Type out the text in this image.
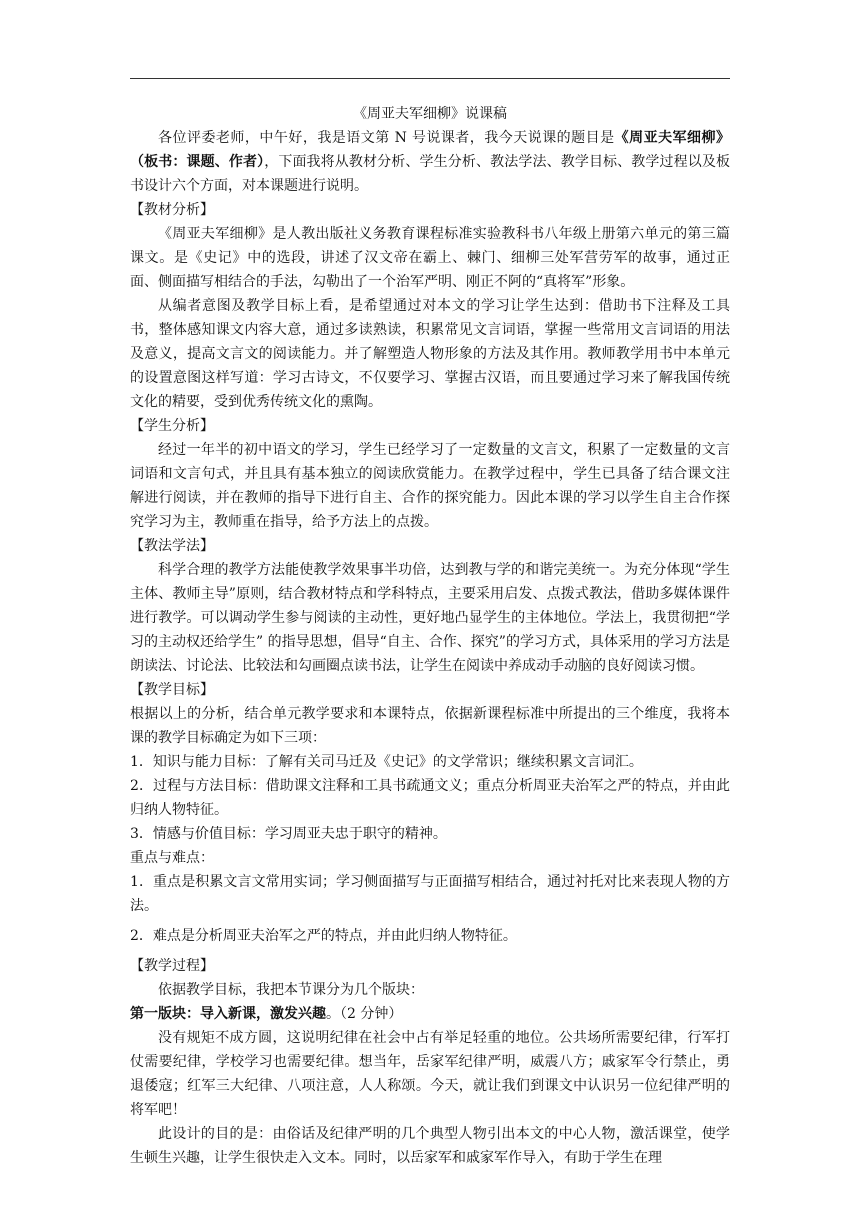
《周亚夫军细柳》说课稿

各位评委老师，中午好，我是语文第 N 号说课者，我今天说课的题目是《周亚夫军细柳》（板书：课题、作者），下面我将从教材分析、学生分析、教法学法、教学目标、教学过程以及板书设计六个方面，对本课题进行说明。

【教材分析】

《周亚夫军细柳》是人教出版社义务教育课程标准实验教科书八年级上册第六单元的第三篇课文。是《史记》中的选段，讲述了汉文帝在霸上、棘门、细柳三处军营劳军的故事，通过正面、侧面描写相结合的手法，勾勒出了一个治军严明、刚正不阿的“真将军”形象。

从编者意图及教学目标上看，是希望通过对本文的学习让学生达到：借助书下注释及工具书，整体感知课文内容大意，通过多读熟读，积累常见文言词语，掌握一些常用文言词语的用法及意义，提高文言文的阅读能力。并了解塑造人物形象的方法及其作用。教师教学用书中本单元的设置意图这样写道：学习古诗文，不仅要学习、掌握古汉语，而且要通过学习来了解我国传统文化的精要，受到优秀传统文化的熏陶。

【学生分析】

经过一年半的初中语文的学习，学生已经学习了一定数量的文言文，积累了一定数量的文言词语和文言句式，并且具有基本独立的阅读欣赏能力。在教学过程中，学生已具备了结合课文注解进行阅读，并在教师的指导下进行自主、合作的探究能力。因此本课的学习以学生自主合作探究学习为主，教师重在指导，给予方法上的点拨。

【教法学法】

科学合理的教学方法能使教学效果事半功倍，达到教与学的和谐完美统一。为充分体现“学生主体、教师主导”原则，结合教材特点和学科特点，主要采用启发、点拨式教法，借助多媒体课件进行教学。可以调动学生参与阅读的主动性，更好地凸显学生的主体地位。学法上，我贯彻把“学习的主动权还给学生” 的指导思想，倡导“自主、合作、探究”的学习方式，具体采用的学习方法是朗读法、讨论法、比较法和勾画圈点读书法，让学生在阅读中养成动手动脑的良好阅读习惯。

【教学目标】

根据以上的分析，结合单元教学要求和本课特点，依据新课程标准中所提出的三个维度，我将本课的教学目标确定为如下三项：

1．知识与能力目标：了解有关司马迁及《史记》的文学常识；继续积累文言词汇。

2．过程与方法目标：借助课文注释和工具书疏通文义；重点分析周亚夫治军之严的特点，并由此归纳人物特征。

3．情感与价值目标：学习周亚夫忠于职守的精神。

重点与难点：

1．重点是积累文言文常用实词；学习侧面描写与正面描写相结合，通过衬托对比来表现人物的方法。

2．难点是分析周亚夫治军之严的特点，并由此归纳人物特征。

【教学过程】

依据教学目标，我把本节课分为几个版块：

第一版块：导入新课，激发兴趣。（2 分钟）

没有规矩不成方圆，这说明纪律在社会中占有举足轻重的地位。公共场所需要纪律，行军打仗需要纪律，学校学习也需要纪律。想当年，岳家军纪律严明，威震八方；戚家军令行禁止，勇退倭寇；红军三大纪律、八项注意，人人称颂。今天，就让我们到课文中认识另一位纪律严明的将军吧！

此设计的目的是：由俗话及纪律严明的几个典型人物引出本文的中心人物，激活课堂，使学生顿生兴趣，让学生很快走入文本。同时，以岳家军和戚家军作导入，有助于学生在理
